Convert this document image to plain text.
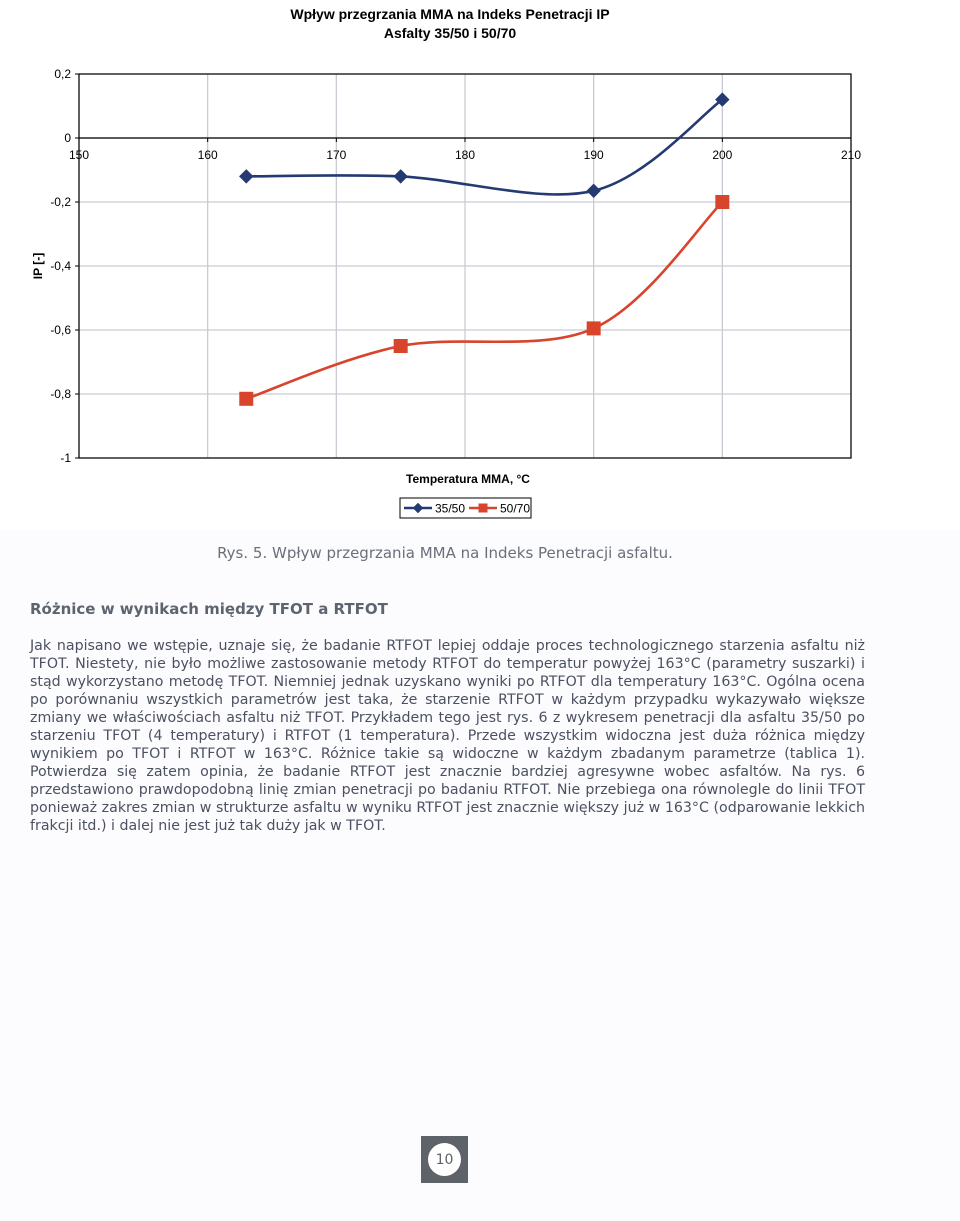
Wpływ przegrzania MMA na Indeks Penetracji IP
Asfalty 35/50 i 50/70
150	160	170	180	190	200	210
0,2
0
-0,2
-0,4
-0,6
-0,8
-1
Temperatura MMA, °C
IP [-]
35/50	50/70
Rys. 5. Wpływ przegrzania MMA na Indeks Penetracji asfaltu.
Różnice w wynikach między TFOT a RTFOT

Jak napisano we wstępie, uznaje się, że badanie RTFOT lepiej oddaje proces technologicznego starzenia asfaltu niż TFOT. Niestety, nie było możliwe zastosowanie metody RTFOT do temperatur powyżej 163°C (parametry suszarki) i stąd wykorzystano metodę TFOT. Niemniej jednak uzyskano wyniki po RTFOT dla temperatury 163°C. Ogólna ocena po porównaniu wszystkich parametrów jest taka, że starzenie RTFOT w każdym przypadku wykazywało większe zmiany we właściwościach asfaltu niż TFOT. Przykładem tego jest rys. 6 z wykresem penetracji dla asfaltu 35/50 po starzeniu TFOT (4 temperatury) i RTFOT (1 temperatura). Przede wszystkim widoczna jest duża różnica między wynikiem po TFOT i RTFOT w 163°C. Różnice takie są widoczne w każdym zbadanym parametrze (tablica 1). Potwierdza się zatem opinia, że badanie RTFOT jest znacznie bardziej agresywne wobec asfaltów. Na rys. 6 przedstawiono prawdopodobną linię zmian penetracji po badaniu RTFOT. Nie przebiega ona równolegle do linii TFOT ponieważ zakres zmian w strukturze asfaltu w wyniku RTFOT jest znacznie większy już w 163°C (odparowanie lekkich frakcji itd.) i dalej nie jest już tak duży jak w TFOT.

10
